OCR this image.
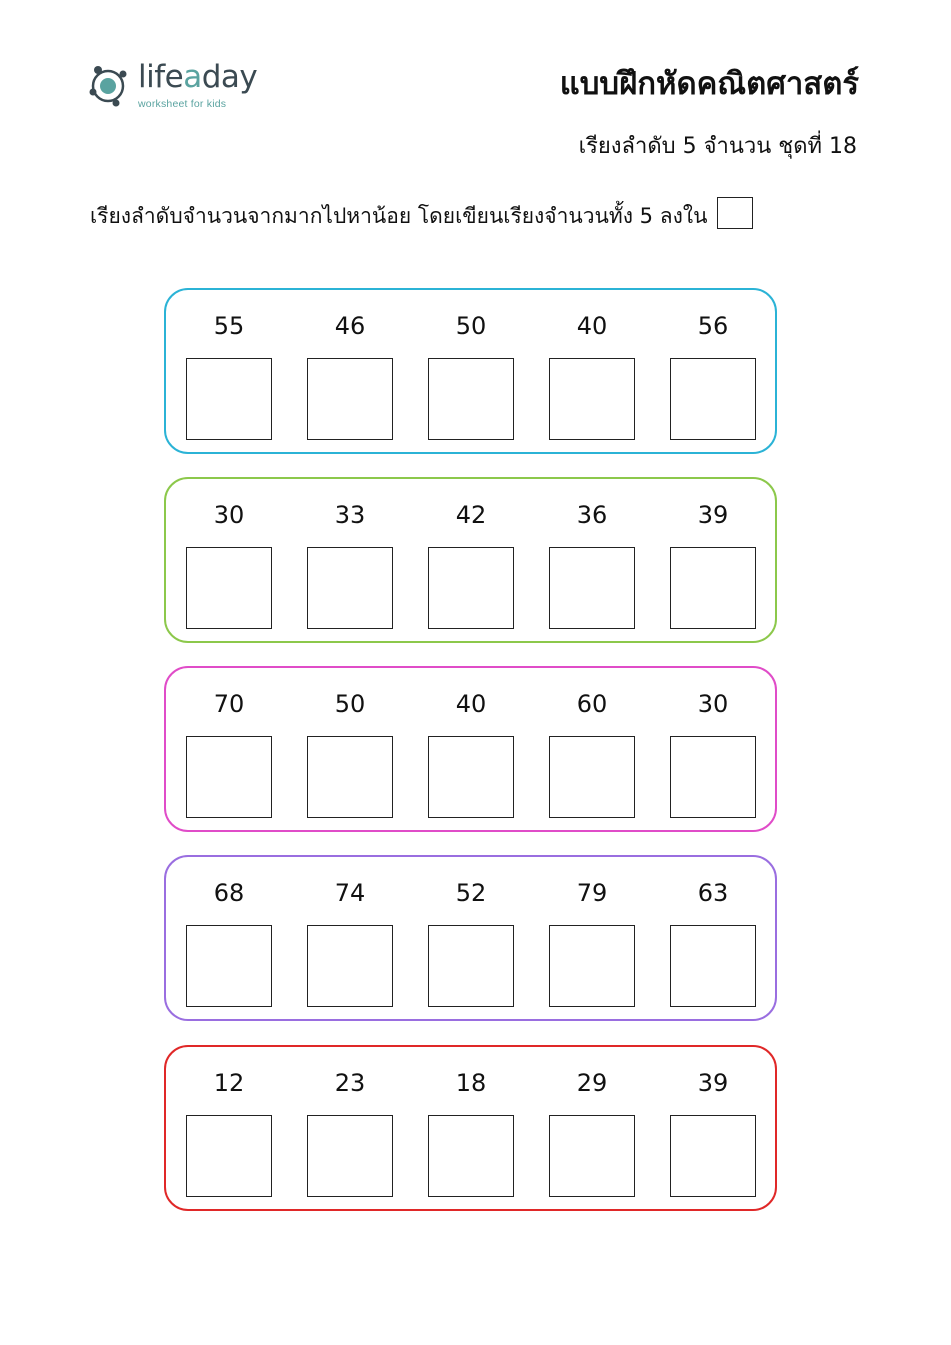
lifeaday
worksheet for kids
แบบฝึกหัดคณิตศาสตร์
เรียงลำดับ 5 จำนวน ชุดที่ 18
เรียงลำดับจำนวนจากมากไปหาน้อย โดยเขียนเรียงจำนวนทั้ง 5 ลงใน
55	46	50	40	56
30	33	42	36	39
70	50	40	60	30
68	74	52	79	63
12	23	18	29	39
